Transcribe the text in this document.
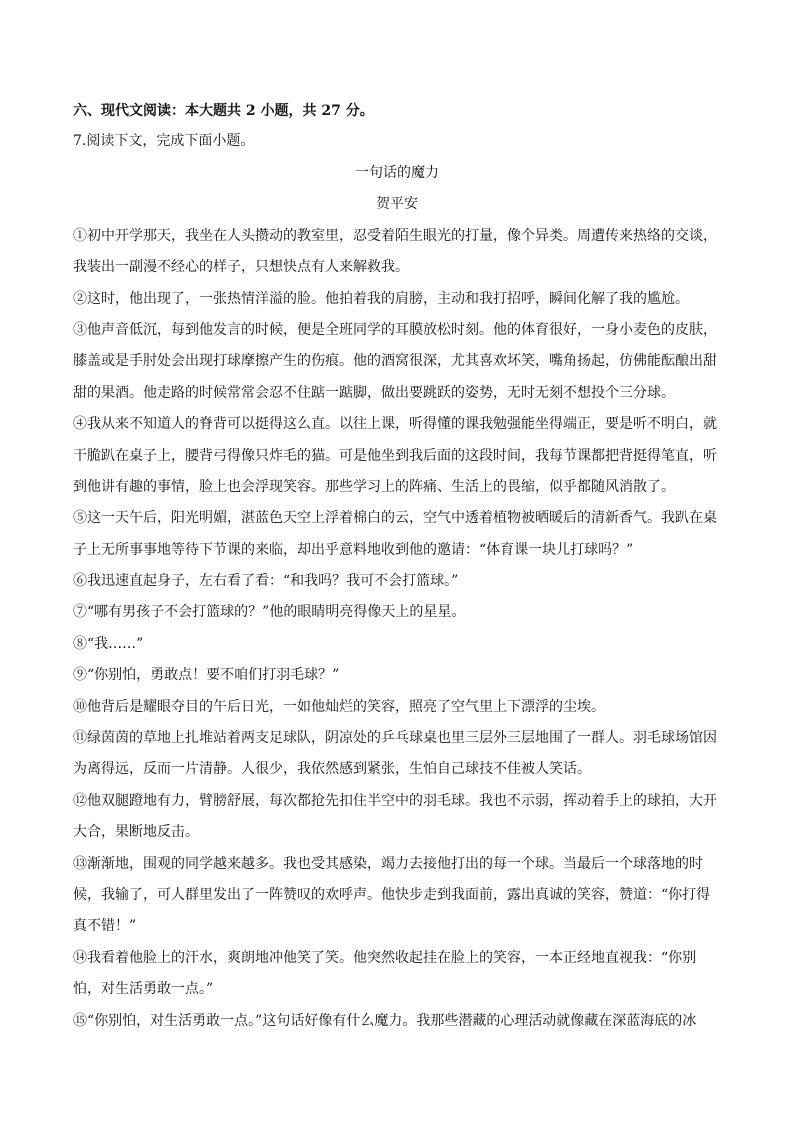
六、现代文阅读：本大题共 2 小题，共 27 分。
7.阅读下文，完成下面小题。
一句话的魔力
贺平安
①初中开学那天，我坐在人头攒动的教室里，忍受着陌生眼光的打量，像个异类。周遭传来热络的交谈，
我装出一副漫不经心的样子，只想快点有人来解救我。
②这时，他出现了，一张热情洋溢的脸。他拍着我的肩膀，主动和我打招呼，瞬间化解了我的尴尬。
③他声音低沉，每到他发言的时候，便是全班同学的耳膜放松时刻。他的体育很好，一身小麦色的皮肤，
膝盖或是手肘处会出现打球摩擦产生的伤痕。他的酒窝很深，尤其喜欢坏笑，嘴角扬起，仿佛能酝酿出甜
甜的果酒。他走路的时候常常会忍不住踮一踮脚，做出要跳跃的姿势，无时无刻不想投个三分球。
④我从来不知道人的脊背可以挺得这么直。以往上课，听得懂的课我勉强能坐得端正，要是听不明白，就
干脆趴在桌子上，腰背弓得像只炸毛的猫。可是他坐到我后面的这段时间，我每节课都把背挺得笔直，听
到他讲有趣的事情，脸上也会浮现笑容。那些学习上的阵痛、生活上的畏缩，似乎都随风消散了。
⑤这一天午后，阳光明媚，湛蓝色天空上浮着棉白的云，空气中透着植物被晒暖后的清新香气。我趴在桌
子上无所事事地等待下节课的来临，却出乎意料地收到他的邀请：“体育课一块儿打球吗？”
⑥我迅速直起身子，左右看了看：“和我吗？我可不会打篮球。”
⑦“哪有男孩子不会打篮球的？”他的眼睛明亮得像天上的星星。
⑧“我……”
⑨“你别怕，勇敢点！要不咱们打羽毛球？”
⑩他背后是耀眼夺目的午后日光，一如他灿烂的笑容，照亮了空气里上下漂浮的尘埃。
⑪绿茵茵的草地上扎堆站着两支足球队，阴凉处的乒乓球桌也里三层外三层地围了一群人。羽毛球场馆因
为离得远，反而一片清静。人很少，我依然感到紧张，生怕自己球技不佳被人笑话。
⑫他双腿蹬地有力，臂膀舒展，每次都抢先扣住半空中的羽毛球。我也不示弱，挥动着手上的球拍，大开
大合，果断地反击。
⑬渐渐地，围观的同学越来越多。我也受其感染，竭力去接他打出的每一个球。当最后一个球落地的时
候，我输了，可人群里发出了一阵赞叹的欢呼声。他快步走到我面前，露出真诚的笑容，赞道：“你打得
真不错！”
⑭我看着他脸上的汗水，爽朗地冲他笑了笑。他突然收起挂在脸上的笑容，一本正经地直视我：“你别
怕，对生活勇敢一点。”
⑮“你别怕，对生活勇敢一点。”这句话好像有什么魔力。我那些潜藏的心理活动就像藏在深蓝海底的冰
